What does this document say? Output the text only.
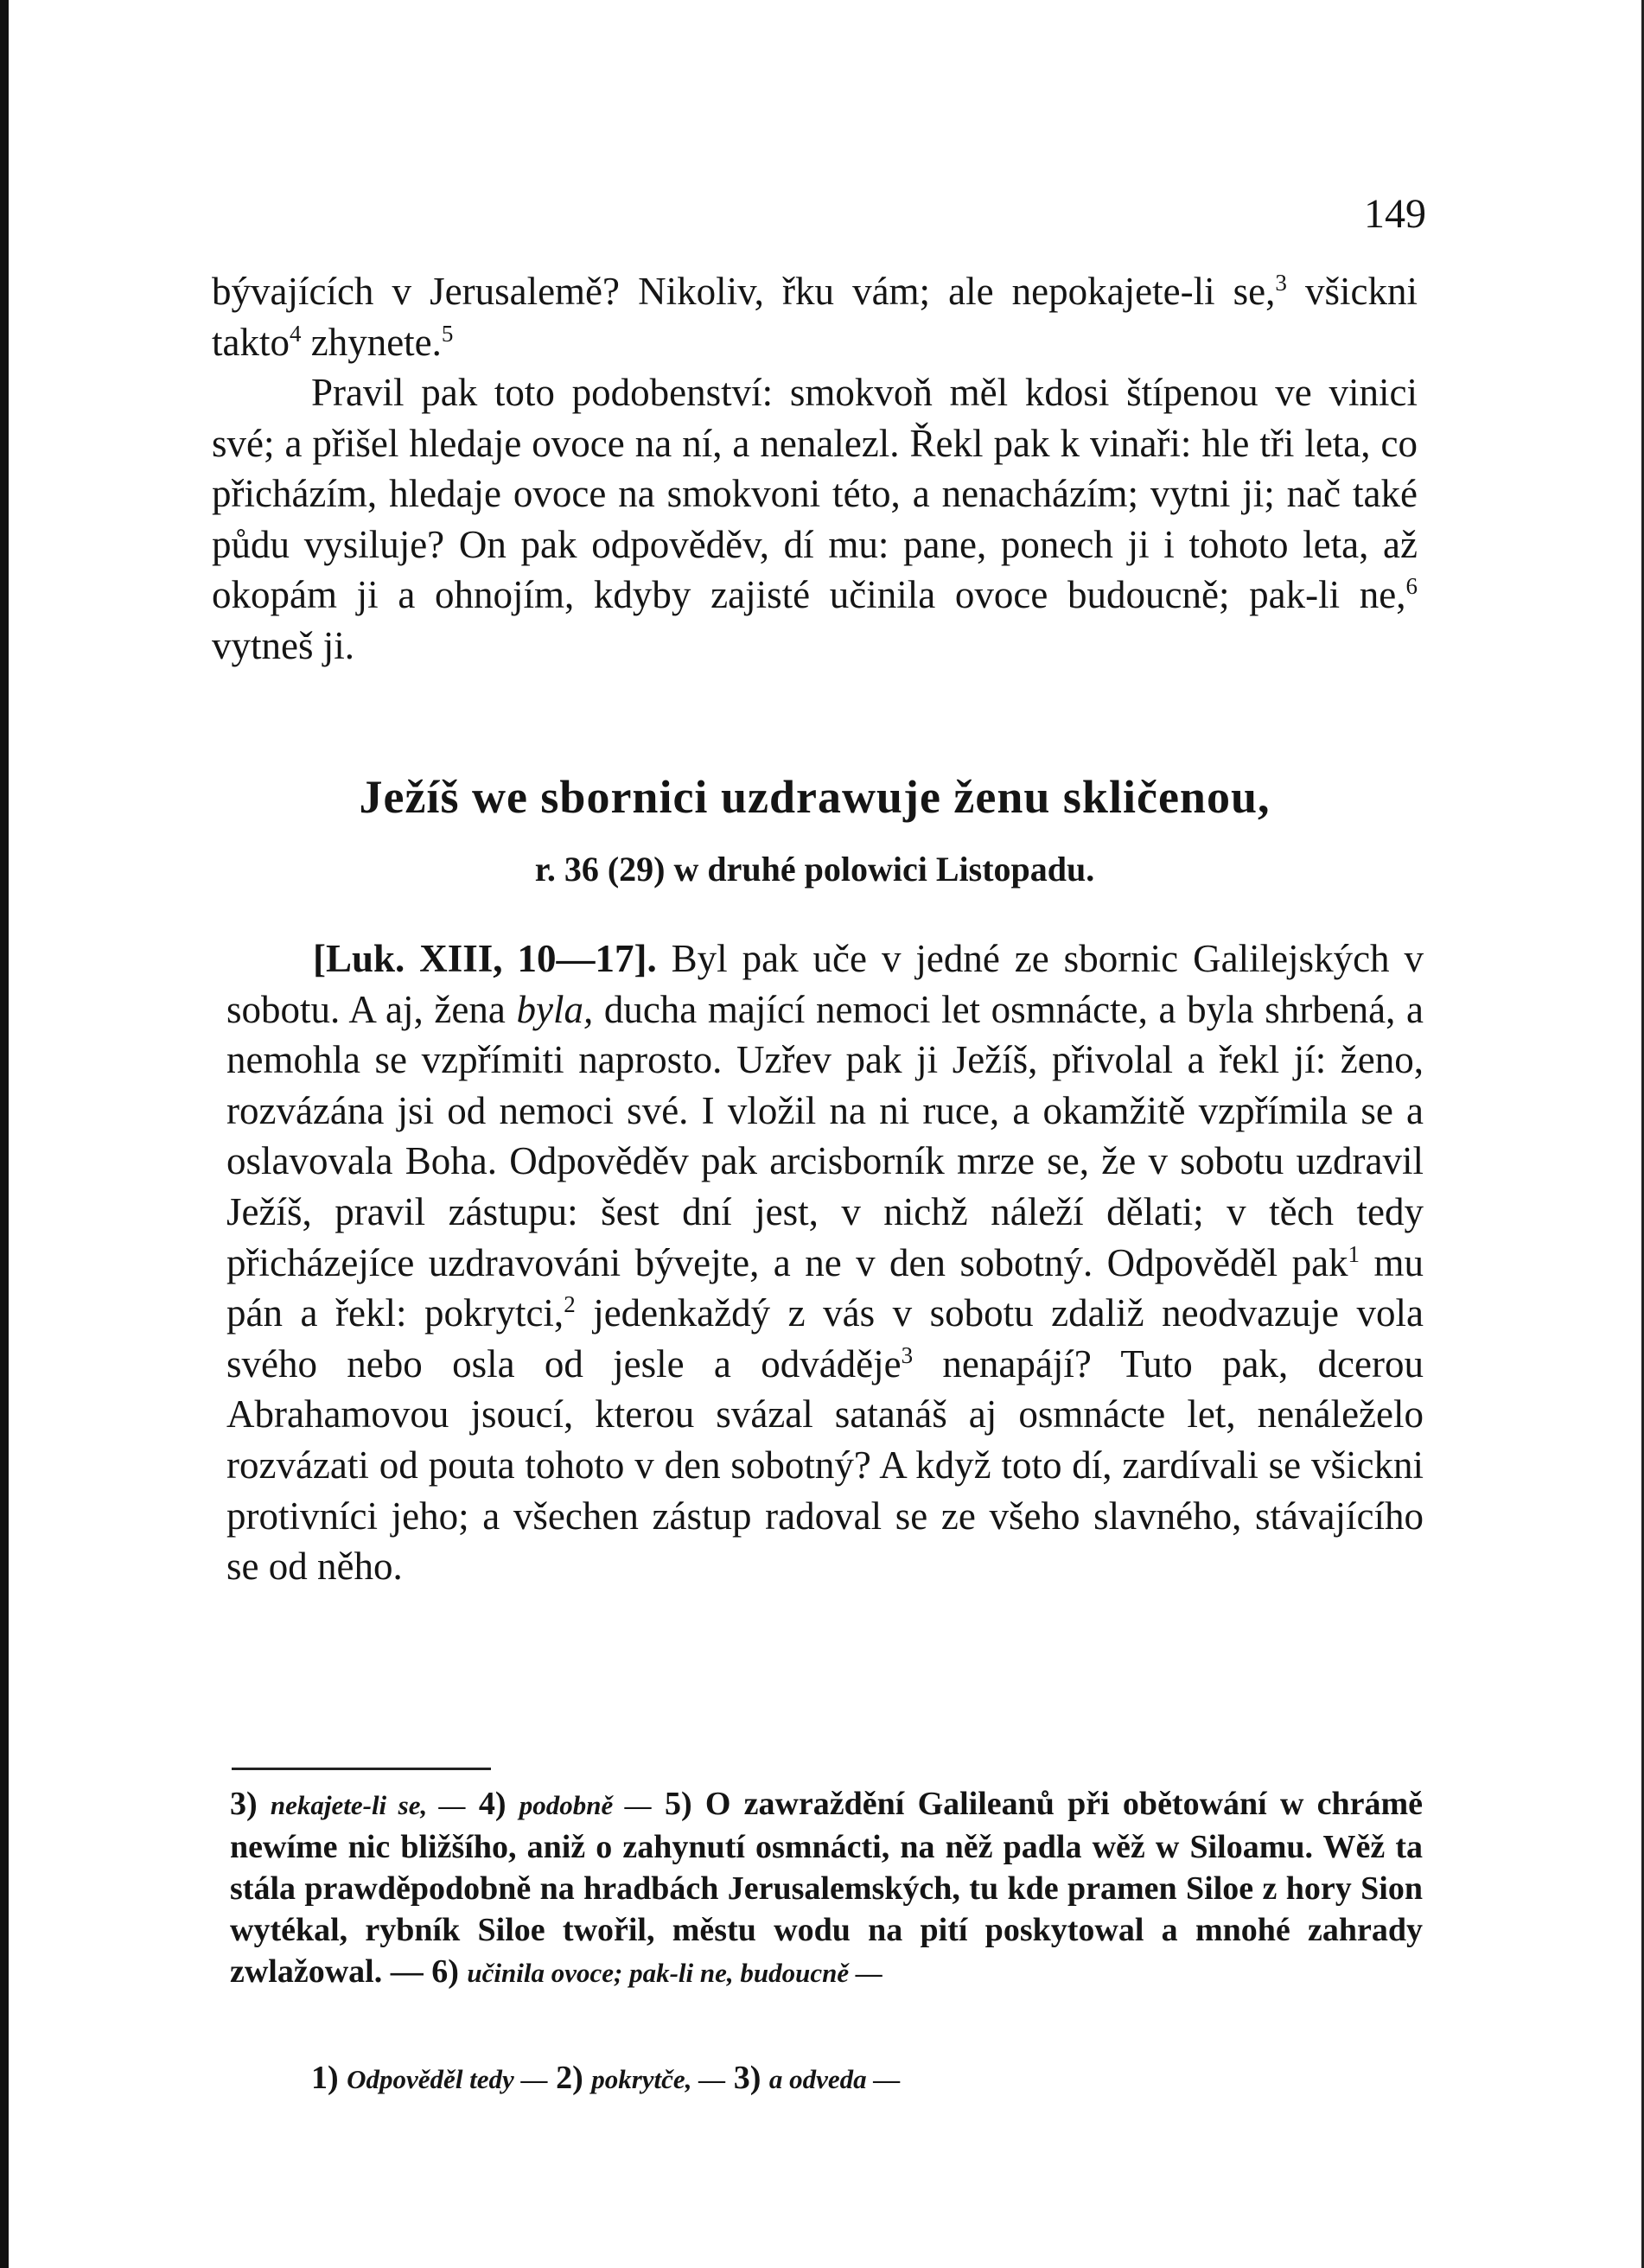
149

bývajících v Jerusalemě? Nikoliv, řku vám; ale nepokajete-li se,$^3$ všickni takto$^4$ zhynete.$^5$

Pravil pak toto podobenství: smokvoň měl kdosi štípenou ve vinici své; a přišel hledaje ovoce na ní, a nenalezl. Řekl pak k vinaři: hle tři leta, co přicházím, hledaje ovoce na smokvoni této, a nenacházím; vytni ji; nač také půdu vysiluje? On pak odpověděv, dí mu: pane, ponech ji i tohoto leta, až okopám ji a ohnojím, kdyby zajisté učinila ovoce budoucně; pak-li ne,$^6$ vytneš ji.

Ježíš we sbornici uzdrawuje ženu skličenou,
r. 36 (29) w druhé polowici Listopadu.

[Luk. XIII, 10—17]. Byl pak uče v jedné ze sbornic Galilejských v sobotu. A aj, žena byla, ducha mající nemoci let osmnácte, a byla shrbená, a nemohla se vzpřímiti naprosto. Uzřev pak ji Ježíš, přivolal a řekl jí: ženo, rozvázána jsi od nemoci své. I vložil na ni ruce, a okamžitě vzpřímila se a oslavovala Boha. Odpověděv pak arcisborník mrze se, že v sobotu uzdravil Ježíš, pravil zástupu: šest dní jest, v nichž náleží dělati; v těch tedy přicházejíce uzdravováni bývejte, a ne v den sobotný. Odpověděl pak$^1$ mu pán a řekl: pokrytci,$^2$ jedenkaždý z vás v sobotu zdaliž neodvazuje vola svého nebo osla od jesle a odváděje$^3$ nenapájí? Tuto pak, dcerou Abrahamovou jsoucí, kterou svázal satanáš aj osmnácte let, nenáleželo rozvázati od pouta tohoto v den sobotný? A když toto dí, zardívali se všickni protivníci jeho; a všechen zástup radoval se ze všeho slavného, stávajícího se od něho.

3) nekajete-li se, — 4) podobně — 5) O zawraždění Galileanů při obětowání w chrámě newíme nic bližšího, aniž o zahynutí osmnácti, na něž padla wěž w Siloamu. Wěž ta stála prawděpodobně na hradbách Jerusalemských, tu kde pramen Siloe z hory Sion wytékal, rybník Siloe twořil, městu wodu na pití poskytowal a mnohé zahrady zwlažowal. — 6) učinila ovoce; pak-li ne, budoucně —

1) Odpověděl tedy — 2) pokrytče, — 3) a odveda —
